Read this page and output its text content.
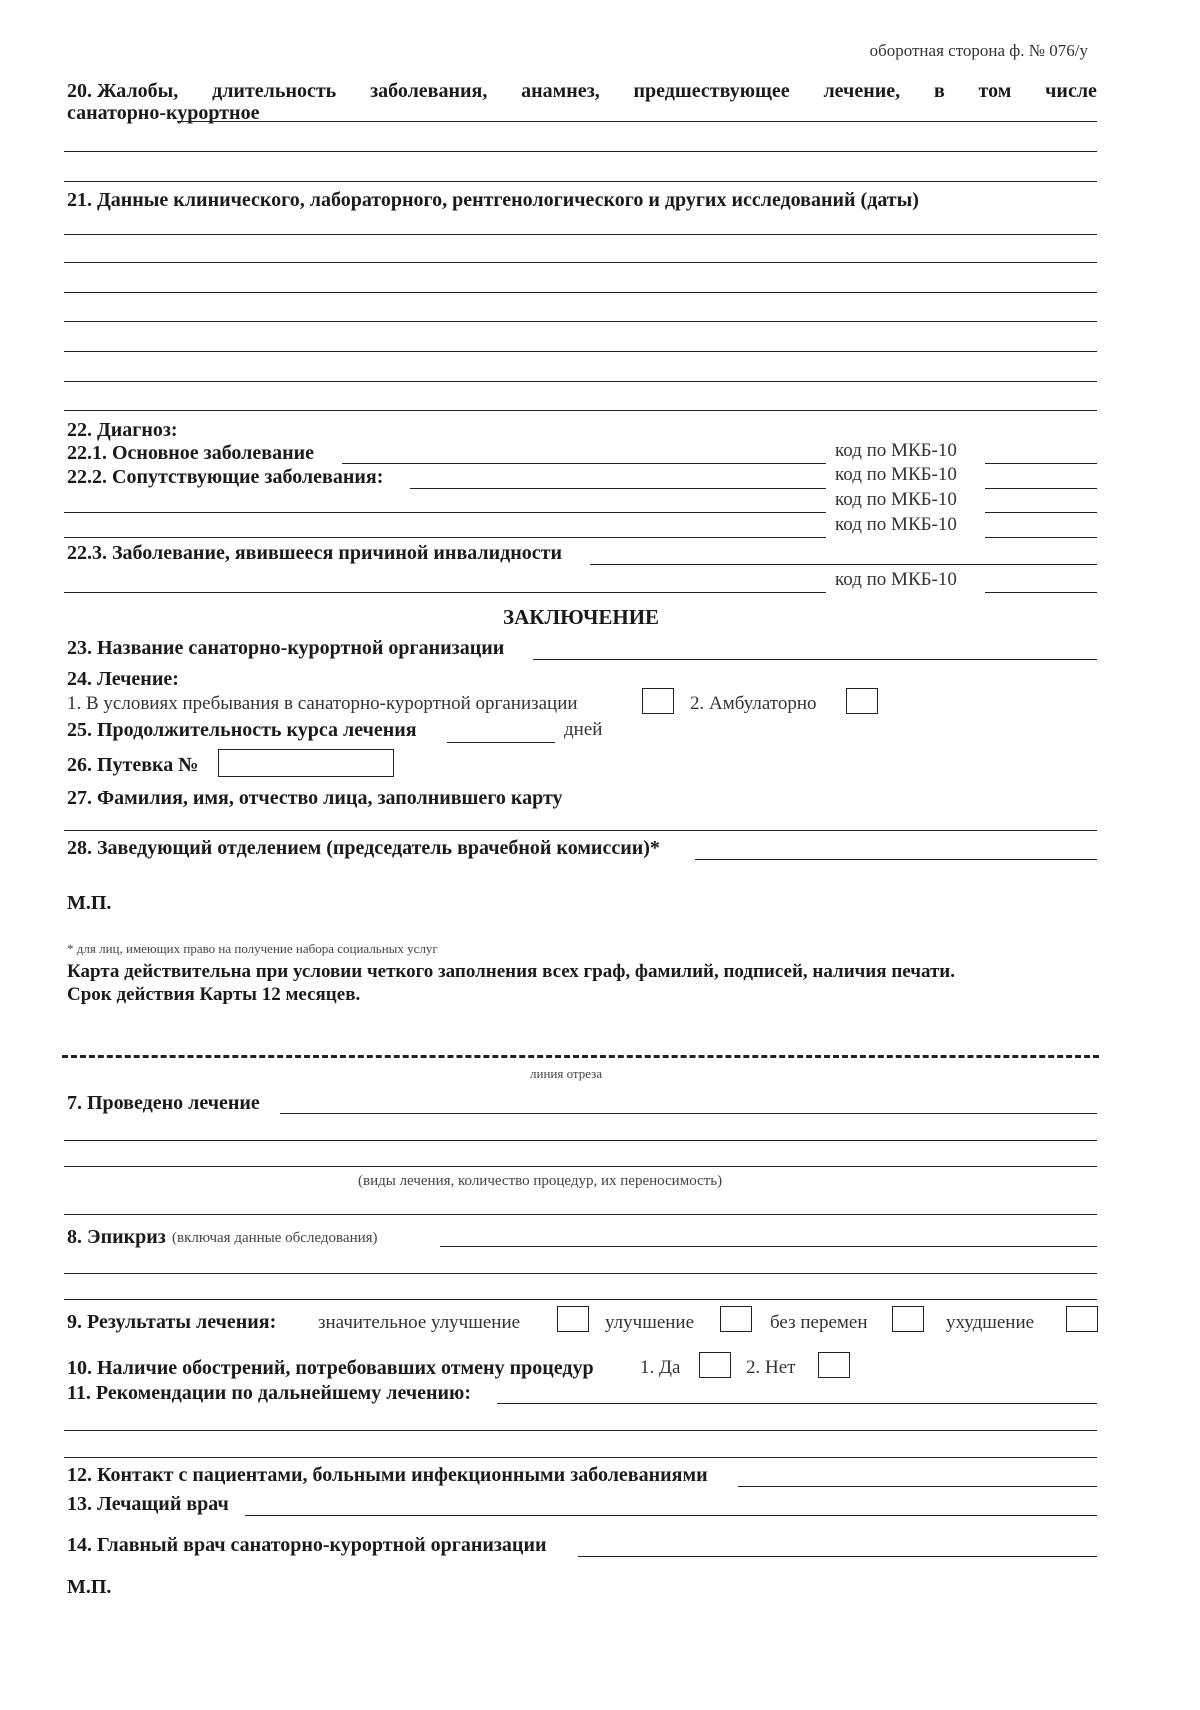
оборотная сторона ф. № 076/у
20. Жалобы, длительность заболевания, анамнез, предшествующее лечение, в том числе
санаторно-курортное
21. Данные клинического, лабораторного, рентгенологического и других исследований (даты)
22. Диагноз:
22.1. Основное заболевание	код по МКБ-10
22.2. Сопутствующие заболевания:	код по МКБ-10
код по МКБ-10
код по МКБ-10
22.3. Заболевание, явившееся причиной инвалидности
код по МКБ-10
ЗАКЛЮЧЕНИЕ
23. Название санаторно-курортной организации
24. Лечение:
1. В условиях пребывания в санаторно-курортной организации	2. Амбулаторно
25. Продолжительность курса лечения	дней
26. Путевка №
27. Фамилия, имя, отчество лица, заполнившего карту
28. Заведующий отделением (председатель врачебной комиссии)*
М.П.
* для лиц, имеющих право на получение набора социальных услуг
Карта действительна при условии четкого заполнения всех граф, фамилий, подписей, наличия печати.
Срок действия Карты 12 месяцев.
линия отреза
7. Проведено лечение
(виды лечения, количество процедур, их переносимость)
8. Эпикриз (включая данные обследования)
9. Результаты лечения: значительное улучшение	улучшение	без перемен	ухудшение
10. Наличие обострений, потребовавших отмену процедур 1. Да	2. Нет
11. Рекомендации по дальнейшему лечению:
12. Контакт с пациентами, больными инфекционными заболеваниями
13. Лечащий врач
14. Главный врач санаторно-курортной организации
М.П.
